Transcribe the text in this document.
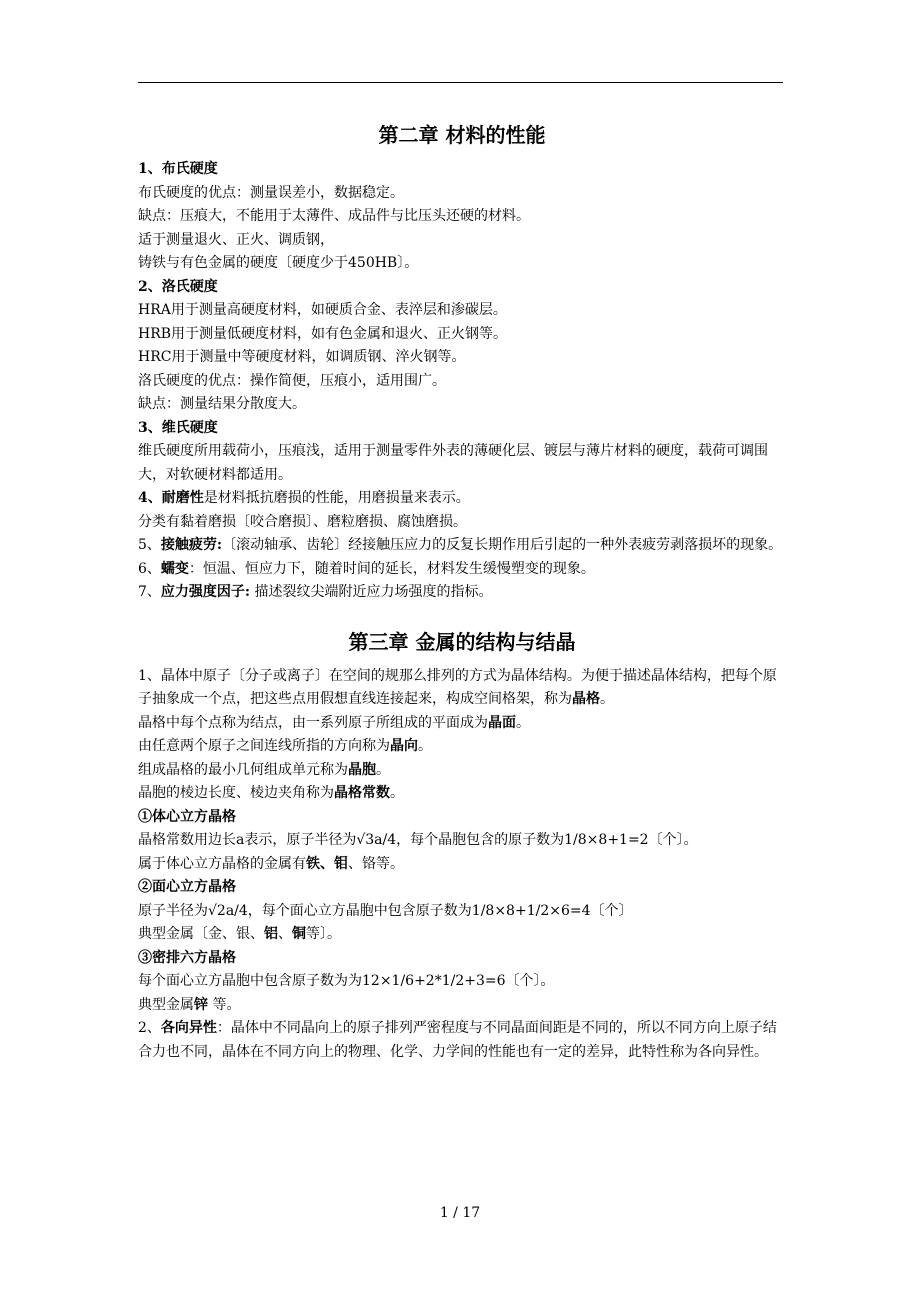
第二章 材料的性能

1、布氏硬度

布氏硬度的优点：测量误差小，数据稳定。

缺点：压痕大，不能用于太薄件、成品件与比压头还硬的材料。

适于测量退火、正火、调质钢，

铸铁与有色金属的硬度〔硬度少于450HB〕。

2、洛氏硬度

HRA用于测量高硬度材料，如硬质合金、表淬层和渗碳层。

HRB用于测量低硬度材料，如有色金属和退火、正火钢等。

HRC用于测量中等硬度材料，如调质钢、淬火钢等。

洛氏硬度的优点：操作简便，压痕小，适用围广。

缺点：测量结果分散度大。

3、维氏硬度

维氏硬度所用载荷小，压痕浅，适用于测量零件外表的薄硬化层、镀层与薄片材料的硬度，载荷可调围大，对软硬材料都适用。

4、耐磨性是材料抵抗磨损的性能，用磨损量来表示。

分类有黏着磨损〔咬合磨损〕、磨粒磨损、腐蚀磨损。

5、接触疲劳:〔滚动轴承、齿轮〕经接触压应力的反复长期作用后引起的一种外表疲劳剥落损坏的现象。

6、蠕变：恒温、恒应力下，随着时间的延长，材料发生缓慢塑变的现象。

7、应力强度因子: 描述裂纹尖端附近应力场强度的指标。

第三章 金属的结构与结晶

1、晶体中原子〔分子或离子〕在空间的规那么排列的方式为晶体结构。为便于描述晶体结构，把每个原子抽象成一个点，把这些点用假想直线连接起来，构成空间格架，称为晶格。

晶格中每个点称为结点，由一系列原子所组成的平面成为晶面。

由任意两个原子之间连线所指的方向称为晶向。

组成晶格的最小几何组成单元称为晶胞。

晶胞的棱边长度、棱边夹角称为晶格常数。

①体心立方晶格

晶格常数用边长a表示，原子半径为√3a/4，每个晶胞包含的原子数为1/8×8+1=2〔个〕。

属于体心立方晶格的金属有铁、钼、铬等。

②面心立方晶格

原子半径为√2a/4，每个面心立方晶胞中包含原子数为1/8×8+1/2×6=4〔个〕

典型金属〔金、银、铝、铜等〕。

③密排六方晶格

每个面心立方晶胞中包含原子数为为12×1/6+2*1/2+3=6〔个〕。

典型金属锌 等。

2、各向异性：晶体中不同晶向上的原子排列严密程度与不同晶面间距是不同的，所以不同方向上原子结合力也不同，晶体在不同方向上的物理、化学、力学间的性能也有一定的差异，此特性称为各向异性。

1 / 17
